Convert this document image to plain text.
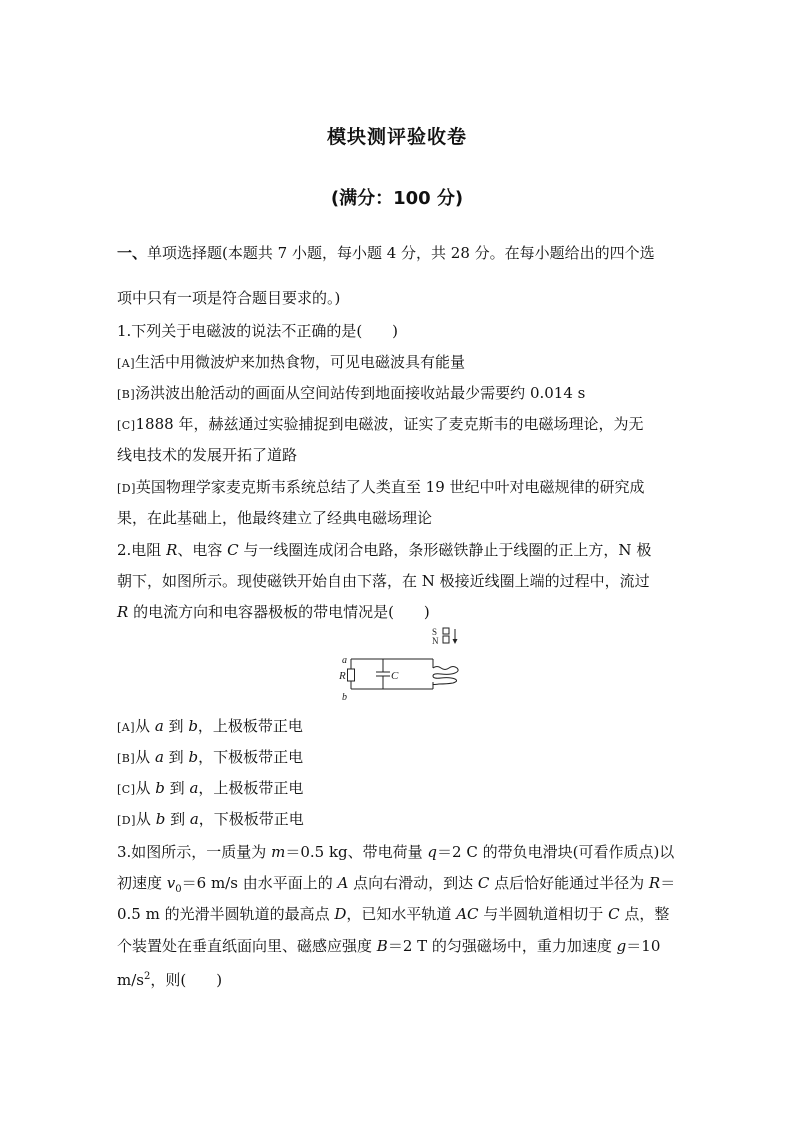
模块测评验收卷
(满分：100 分)
一、单项选择题(本题共 7 小题，每小题 4 分，共 28 分。在每小题给出的四个选
项中只有一项是符合题目要求的。)
1.下列关于电磁波的说法不正确的是(　　)
[A]生活中用微波炉来加热食物，可见电磁波具有能量
[B]汤洪波出舱活动的画面从空间站传到地面接收站最少需要约 0.014 s
[C]1888 年，赫兹通过实验捕捉到电磁波，证实了麦克斯韦的电磁场理论，为无
线电技术的发展开拓了道路
[D]英国物理学家麦克斯韦系统总结了人类直至 19 世纪中叶对电磁规律的研究成
果，在此基础上，他最终建立了经典电磁场理论
2.电阻 R、电容 C 与一线圈连成闭合电路，条形磁铁静止于线圈的正上方，N 极
朝下，如图所示。现使磁铁开始自由下落，在 N 极接近线圈上端的过程中，流过
R 的电流方向和电容器极板的带电情况是(　　)
S
N
a
b
R	C
[A]从 a 到 b，上极板带正电
[B]从 a 到 b，下极板带正电
[C]从 b 到 a，上极板带正电
[D]从 b 到 a，下极板带正电
3.如图所示，一质量为 m＝0.5 kg、带电荷量 q＝2 C 的带负电滑块(可看作质点)以
初速度 $v_0=6$ m/s 由水平面上的 A 点向右滑动，到达 C 点后恰好能通过半径为 R＝
0.5 m 的光滑半圆轨道的最高点 D，已知水平轨道 AC 与半圆轨道相切于 C 点，整
个装置处在垂直纸面向里、磁感应强度 B＝2 T 的匀强磁场中，重力加速度 g＝10
$m/s^2$，则(　　)
